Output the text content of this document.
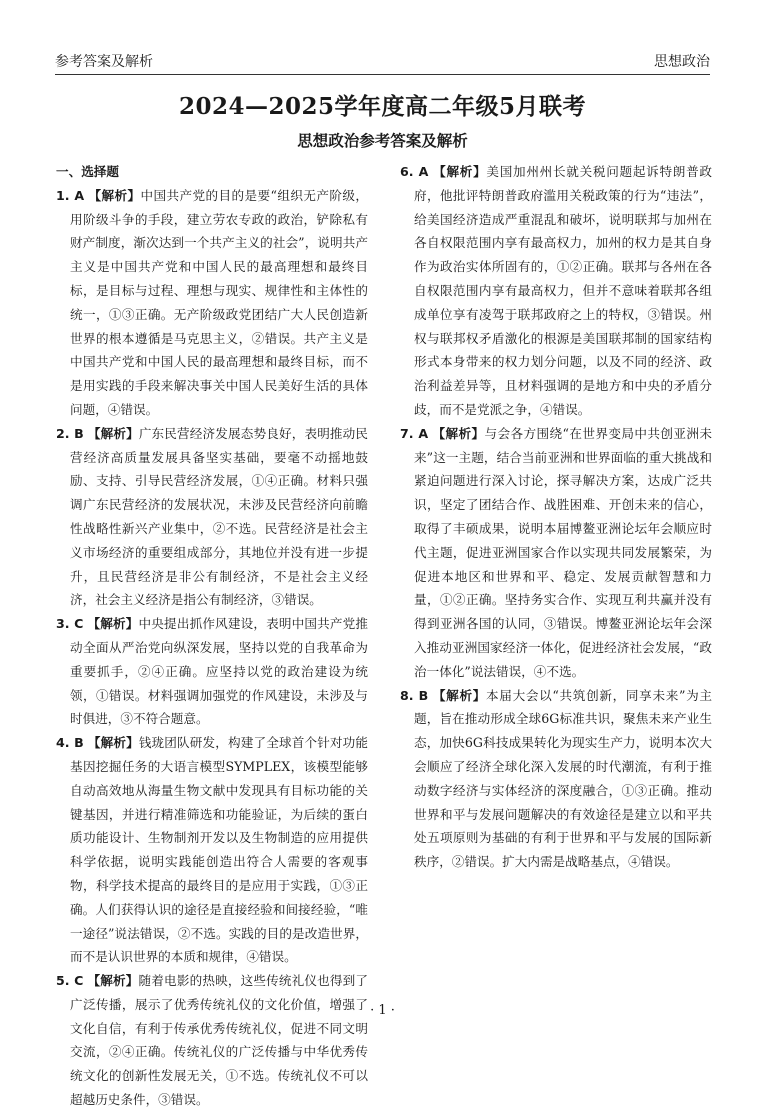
参考答案及解析	思想政治
2024—2025学年度高二年级5月联考
思想政治参考答案及解析
一、选择题

1. A 【解析】中国共产党的目的是要“组织无产阶级，用阶级斗争的手段，建立劳农专政的政治，铲除私有财产制度，渐次达到一个共产主义的社会”，说明共产主义是中国共产党和中国人民的最高理想和最终目标，是目标与过程、理想与现实、规律性和主体性的统一，①③正确。无产阶级政党团结广大人民创造新世界的根本遵循是马克思主义，②错误。共产主义是中国共产党和中国人民的最高理想和最终目标，而不是用实践的手段来解决事关中国人民美好生活的具体问题，④错误。

2. B 【解析】广东民营经济发展态势良好，表明推动民营经济高质量发展具备坚实基础，要毫不动摇地鼓励、支持、引导民营经济发展，①④正确。材料只强调广东民营经济的发展状况，未涉及民营经济向前瞻性战略性新兴产业集中，②不选。民营经济是社会主义市场经济的重要组成部分，其地位并没有进一步提升，且民营经济是非公有制经济，不是社会主义经济，社会主义经济是指公有制经济，③错误。

3. C 【解析】中央提出抓作风建设，表明中国共产党推动全面从严治党向纵深发展，坚持以党的自我革命为重要抓手，②④正确。应坚持以党的政治建设为统领，①错误。材料强调加强党的作风建设，未涉及与时俱进，③不符合题意。

4. B 【解析】钱珑团队研发，构建了全球首个针对功能基因挖掘任务的大语言模型SYMPLEX，该模型能够自动高效地从海量生物文献中发现具有目标功能的关键基因，并进行精准筛选和功能验证，为后续的蛋白质功能设计、生物制剂开发以及生物制造的应用提供科学依据，说明实践能创造出符合人需要的客观事物，科学技术提高的最终目的是应用于实践，①③正确。人们获得认识的途径是直接经验和间接经验，“唯一途径”说法错误，②不选。实践的目的是改造世界，而不是认识世界的本质和规律，④错误。

5. C 【解析】随着电影的热映，这些传统礼仪也得到了广泛传播，展示了优秀传统礼仪的文化价值，增强了文化自信，有利于传承优秀传统礼仪，促进不同文明交流，②④正确。传统礼仪的广泛传播与中华优秀传统文化的创新性发展无关，①不选。传统礼仪不可以超越历史条件，③错误。

6. A 【解析】美国加州州长就关税问题起诉特朗普政府，他批评特朗普政府滥用关税政策的行为“违法”，给美国经济造成严重混乱和破坏，说明联邦与加州在各自权限范围内享有最高权力，加州的权力是其自身作为政治实体所固有的，①②正确。联邦与各州在各自权限范围内享有最高权力，但并不意味着联邦各组成单位享有凌驾于联邦政府之上的特权，③错误。州权与联邦权矛盾激化的根源是美国联邦制的国家结构形式本身带来的权力划分问题，以及不同的经济、政治利益差异等，且材料强调的是地方和中央的矛盾分歧，而不是党派之争，④错误。

7. A 【解析】与会各方围绕“在世界变局中共创亚洲未来”这一主题，结合当前亚洲和世界面临的重大挑战和紧迫问题进行深入讨论，探寻解决方案，达成广泛共识，坚定了团结合作、战胜困难、开创未来的信心，取得了丰硕成果，说明本届博鳌亚洲论坛年会顺应时代主题，促进亚洲国家合作以实现共同发展繁荣，为促进本地区和世界和平、稳定、发展贡献智慧和力量，①②正确。坚持务实合作、实现互利共赢并没有得到亚洲各国的认同，③错误。博鳌亚洲论坛年会深入推动亚洲国家经济一体化，促进经济社会发展，“政治一体化”说法错误，④不选。

8. B 【解析】本届大会以“共筑创新，同享未来”为主题，旨在推动形成全球6G标准共识，聚焦未来产业生态，加快6G科技成果转化为现实生产力，说明本次大会顺应了经济全球化深入发展的时代潮流，有利于推动数字经济与实体经济的深度融合，①③正确。推动世界和平与发展问题解决的有效途径是建立以和平共处五项原则为基础的有利于世界和平与发展的国际新秩序，②错误。扩大内需是战略基点，④错误。

· 1 ·
